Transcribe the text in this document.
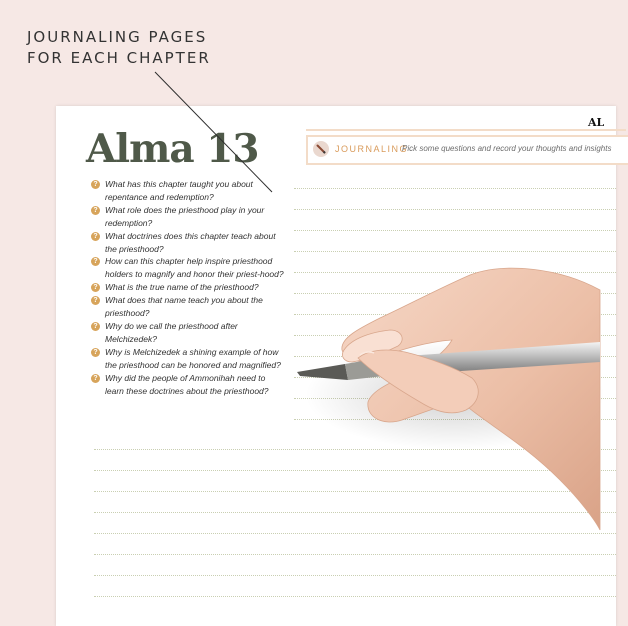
JOURNALING PAGES
FOR EACH CHAPTER
Alma 13
AL
JOURNALING
Pick some questions and record your thoughts and insights
? What has this chapter taught you about repentance and redemption?
? What role does the priesthood play in your redemption?
? What doctrines does this chapter teach about the priesthood?
? How can this chapter help inspire priesthood holders to magnify and honor their priest-hood?
? What is the true name of the priesthood?
? What does that name teach you about the priesthood?
? Why do we call the priesthood after Melchizedek?
? Why is Melchizedek a shining example of how the priesthood can be honored and magnified?
? Why did the people of Ammonihah need to learn these doctrines about the priesthood?
